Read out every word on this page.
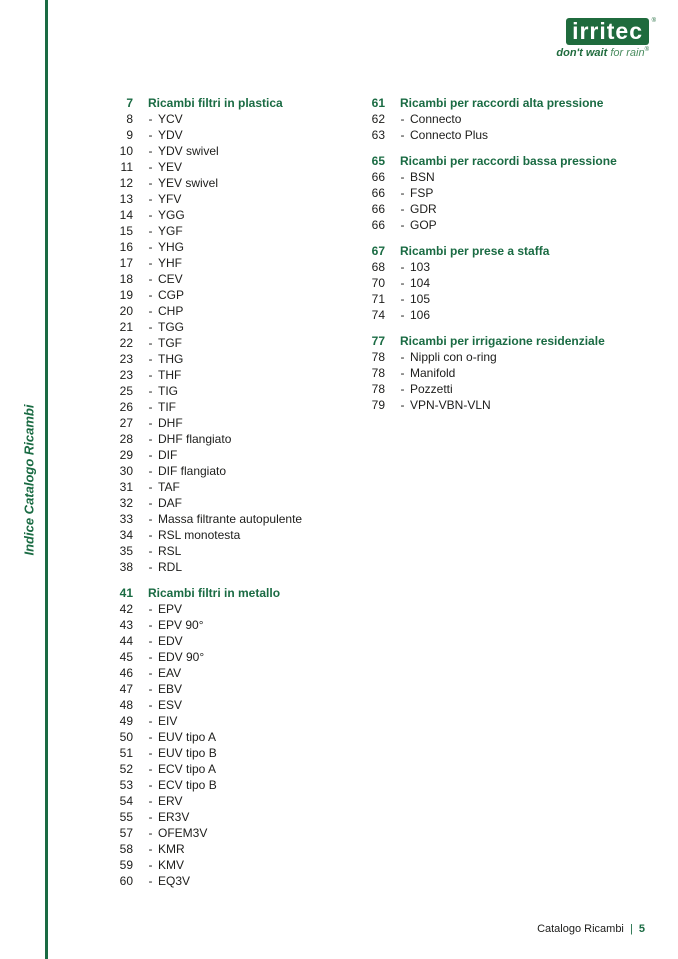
Indice Catalogo Ricambi
irritec ®
don't wait for rain®
7 Ricambi filtri in plastica
8 - YCV
9 - YDV
10 - YDV swivel
11 - YEV
12 - YEV swivel
13 - YFV
14 - YGG
15 - YGF
16 - YHG
17 - YHF
18 - CEV
19 - CGP
20 - CHP
21 - TGG
22 - TGF
23 - THG
23 - THF
25 - TIG
26 - TIF
27 - DHF
28 - DHF flangiato
29 - DIF
30 - DIF flangiato
31 - TAF
32 - DAF
33 - Massa filtrante autopulente
34 - RSL monotesta
35 - RSL
38 - RDL
41 Ricambi filtri in metallo
42 - EPV
43 - EPV 90°
44 - EDV
45 - EDV 90°
46 - EAV
47 - EBV
48 - ESV
49 - EIV
50 - EUV tipo A
51 - EUV tipo B
52 - ECV tipo A
53 - ECV tipo B
54 - ERV
55 - ER3V
57 - OFEM3V
58 - KMR
59 - KMV
60 - EQ3V
61 Ricambi per raccordi alta pressione
62 - Connecto
63 - Connecto Plus
65 Ricambi per raccordi bassa pressione
66 - BSN
66 - FSP
66 - GDR
66 - GOP
67 Ricambi per prese a staffa
68 - 103
70 - 104
71 - 105
74 - 106
77 Ricambi per irrigazione residenziale
78 - Nippli con o-ring
78 - Manifold
78 - Pozzetti
79 - VPN-VBN-VLN
Catalogo Ricambi | 5
